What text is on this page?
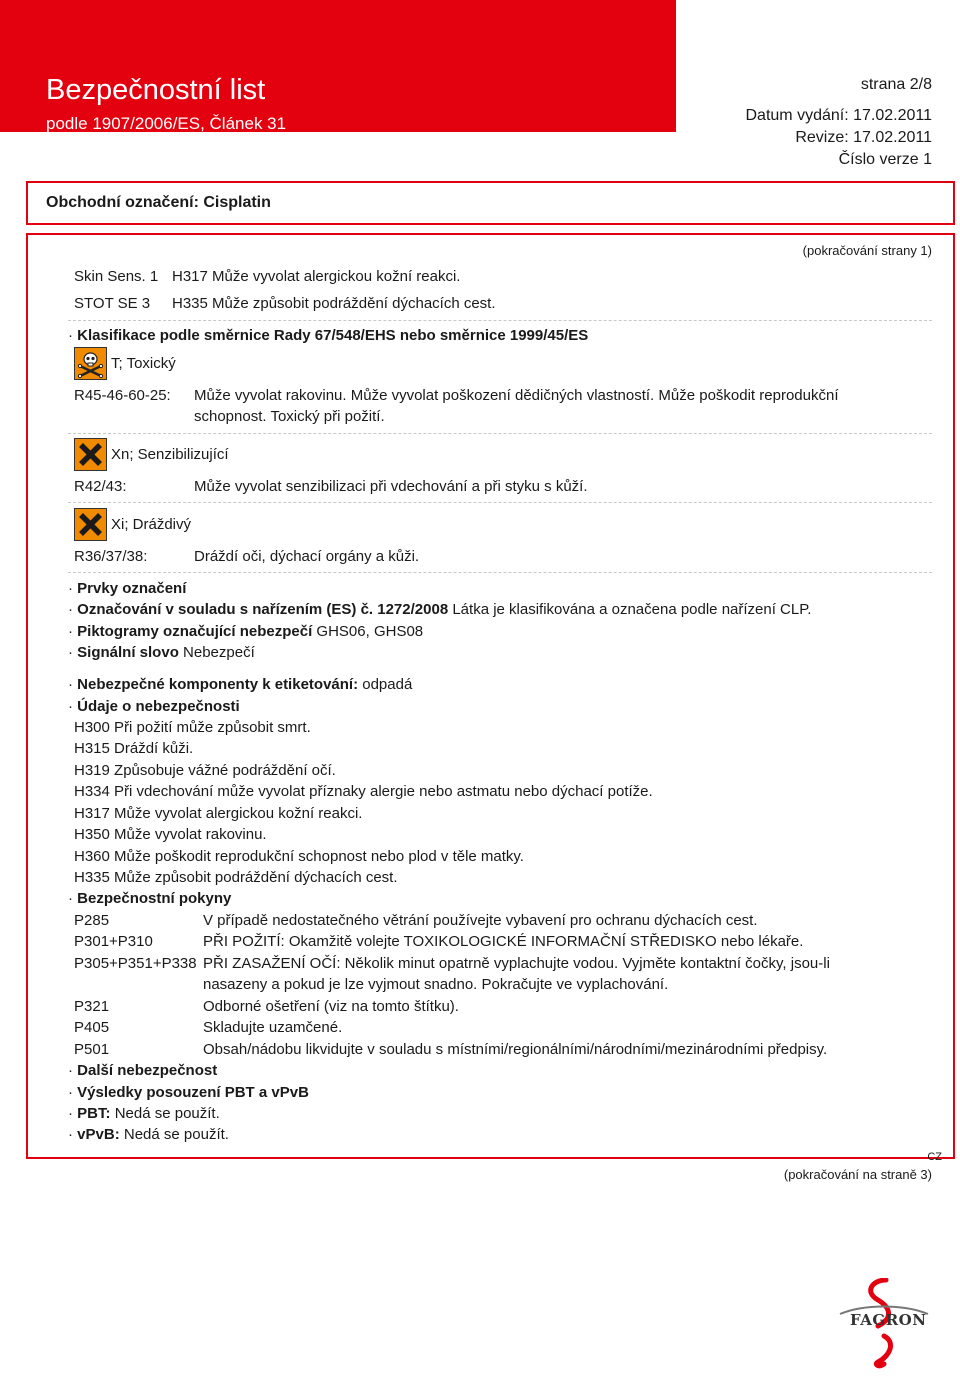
Bezpečnostní list
podle 1907/2006/ES, Článek 31
strana 2/8
Datum vydání: 17.02.2011
Revize: 17.02.2011
Číslo verze 1
Obchodní označení: Cisplatin
(pokračování strany 1)
Skin Sens. 1 H317 Může vyvolat alergickou kožní reakci.
STOT SE 3 H335 Může způsobit podráždění dýchacích cest.
· Klasifikace podle směrnice Rady 67/548/EHS nebo směrnice 1999/45/ES
T; Toxický
R45-46-60-25: Může vyvolat rakovinu. Může vyvolat poškození dědičných vlastností. Může poškodit reprodukční
schopnost. Toxický při požití.
Xn; Senzibilizující
R42/43:	Může vyvolat senzibilizaci při vdechování a při styku s kůží.
Xi; Dráždivý
R36/37/38:	Dráždí oči, dýchací orgány a kůži.
· Prvky označení
· Označování v souladu s nařízením (ES) č. 1272/2008 Látka je klasifikována a označena podle nařízení CLP.
· Piktogramy označující nebezpečí GHS06, GHS08
· Signální slovo Nebezpečí
· Nebezpečné komponenty k etiketování: odpadá
· Údaje o nebezpečnosti
H300 Při požití může způsobit smrt.
H315 Dráždí kůži.
H319 Způsobuje vážné podráždění očí.
H334 Při vdechování může vyvolat příznaky alergie nebo astmatu nebo dýchací potíže.
H317 Může vyvolat alergickou kožní reakci.
H350 Může vyvolat rakovinu.
H360 Může poškodit reprodukční schopnost nebo plod v těle matky.
H335 Může způsobit podráždění dýchacích cest.
· Bezpečnostní pokyny
P285	V případě nedostatečného větrání používejte vybavení pro ochranu dýchacích cest.
P301+P310	PŘI POŽITÍ: Okamžitě volejte TOXIKOLOGICKÉ INFORMAČNÍ STŘEDISKO nebo lékaře.
P305+P351+P338 PŘI ZASAŽENÍ OČÍ: Několik minut opatrně vyplachujte vodou. Vyjměte kontaktní čočky, jsou-li
nasazeny a pokud je lze vyjmout snadno. Pokračujte ve vyplachování.
P321	Odborné ošetření (viz na tomto štítku).
P405	Skladujte uzamčené.
P501	Obsah/nádobu likvidujte v souladu s místními/regionálními/národními/mezinárodními předpisy.
· Další nebezpečnost
· Výsledky posouzení PBT a vPvB
· PBT: Nedá se použít.
· vPvB: Nedá se použít.
CZ
(pokračování na straně 3)
FAGRON
